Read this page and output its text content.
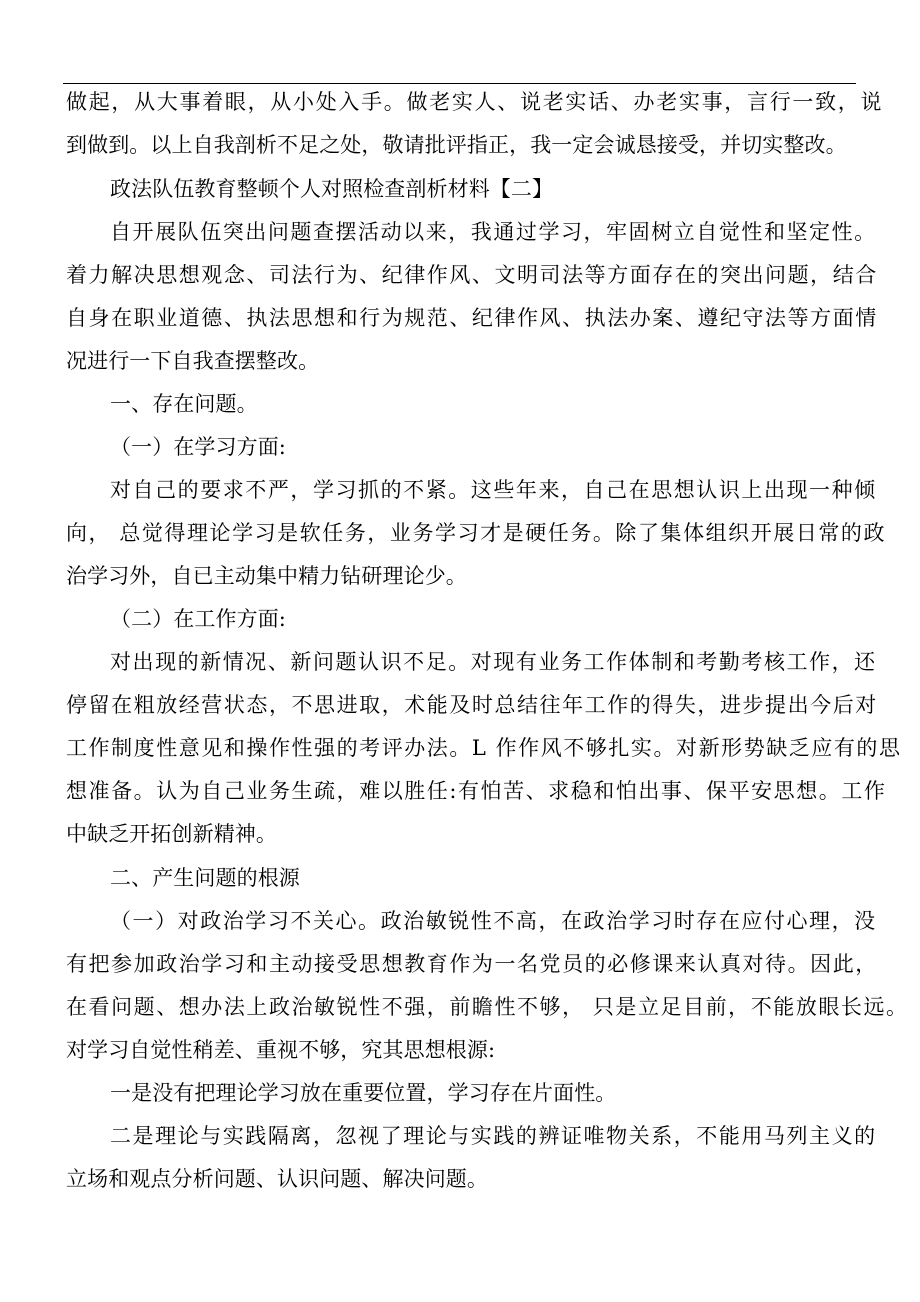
做起，从大事着眼，从小处入手。做老实人、说老实话、办老实事，言行一致，说
到做到。以上自我剖析不足之处，敬请批评指正，我一定会诚恳接受，并切实整改。
政法队伍教育整顿个人对照检查剖析材料【二】
自开展队伍突出问题查摆活动以来，我通过学习，牢固树立自觉性和坚定性。
着力解决思想观念、司法行为、纪律作风、文明司法等方面存在的突出问题，结合
自身在职业道德、执法思想和行为规范、纪律作风、执法办案、遵纪守法等方面情
况进行一下自我查摆整改。
一、存在问题。
（一）在学习方面:
对自己的要求不严，学习抓的不紧。这些年来，自己在思想认识上出现一种倾
向， 总觉得理论学习是软任务，业务学习才是硬任务。除了集体组织开展日常的政
治学习外，自已主动集中精力钻研理论少。
（二）在工作方面:
对出现的新情况、新问题认识不足。对现有业务工作体制和考勤考核工作，还
停留在粗放经营状态，不思进取，术能及时总结往年工作的得失，进步提出今后对
工作制度性意见和操作性强的考评办法。L 作作风不够扎实。对新形势缺乏应有的思
想准备。认为自己业务生疏，难以胜任:有怕苦、求稳和怕出事、保平安思想。工作
中缺乏开拓创新精神。
二、产生问题的根源
（一）对政治学习不关心。政治敏锐性不高，在政治学习时存在应付心理，没
有把参加政治学习和主动接受思想教育作为一名党员的必修课来认真对待。因此，
在看问题、想办法上政治敏锐性不强，前瞻性不够， 只是立足目前，不能放眼长远。
对学习自觉性稍差、重视不够，究其思想根源:
一是没有把理论学习放在重要位置，学习存在片面性。
二是理论与实践隔离，忽视了理论与实践的辨证唯物关系，不能用马列主义的
立场和观点分析问题、认识问题、解决问题。
